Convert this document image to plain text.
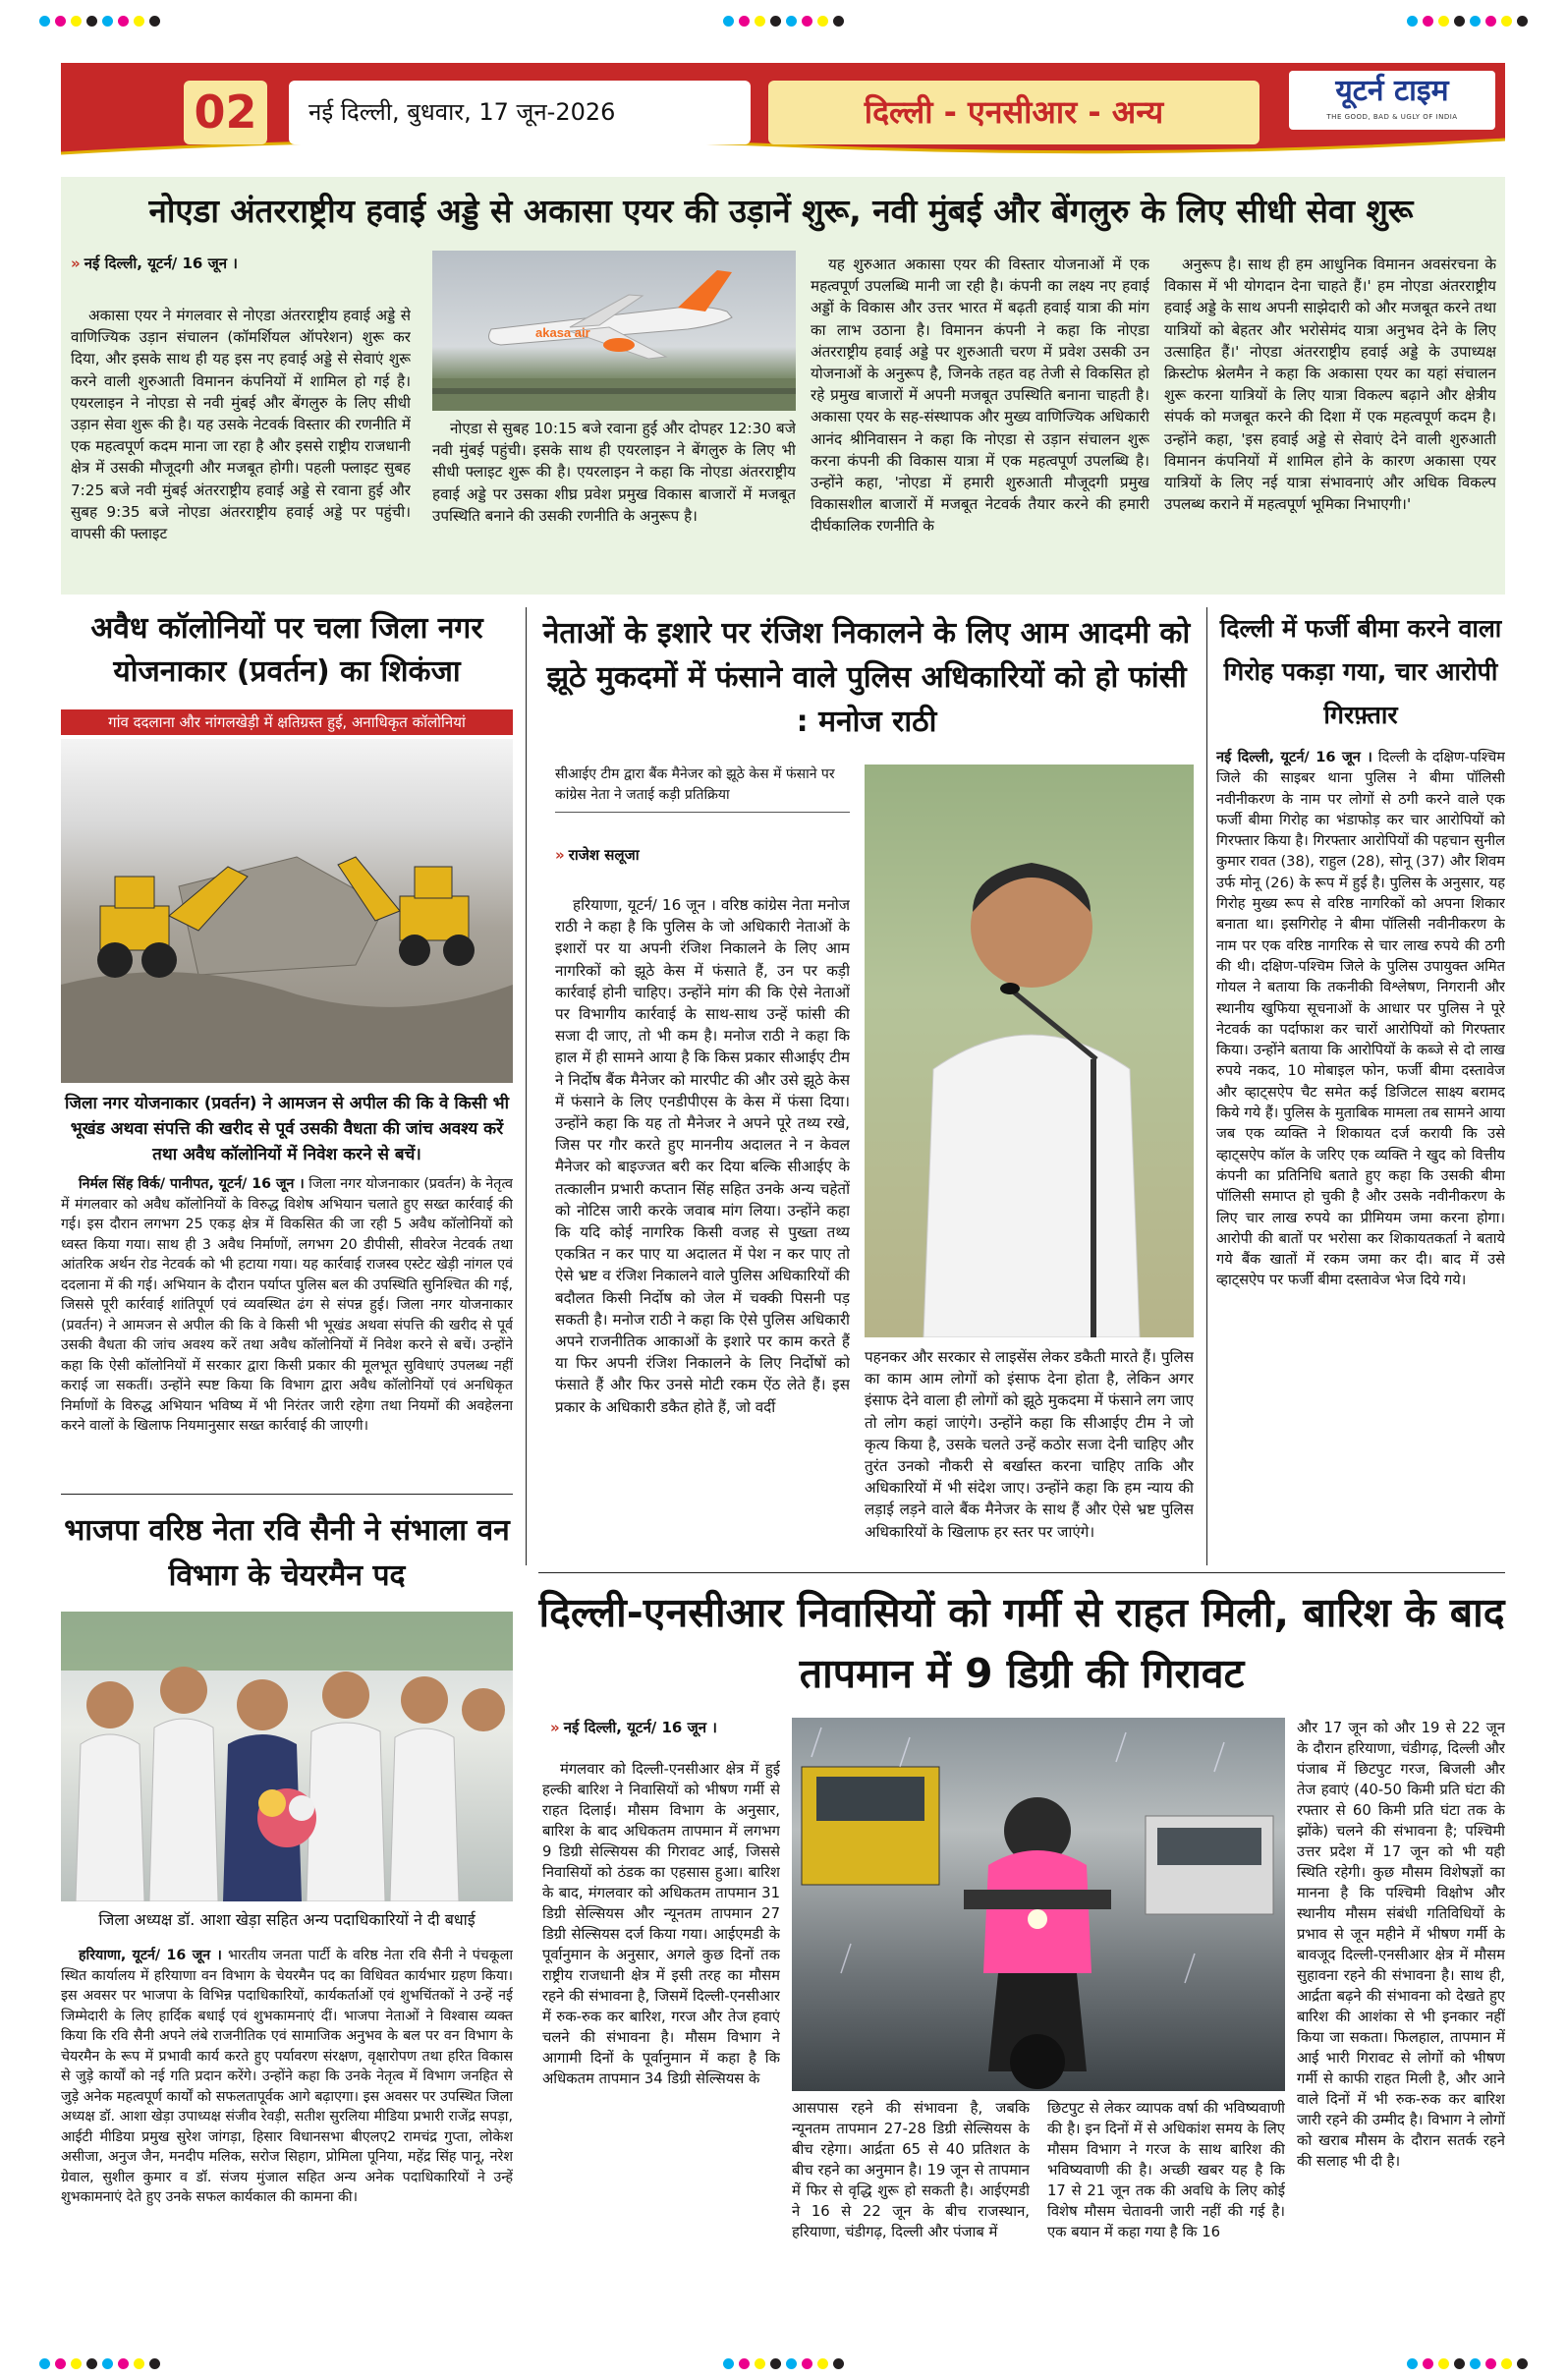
02	नई दिल्ली, बुधवार, 17 जून-2026	दिल्ली - एनसीआर - अन्य
यूटर्न टाइम
THE GOOD, BAD & UGLY OF INDIA
नोएडा अंतरराष्ट्रीय हवाई अड्डे से अकासा एयर की उड़ानें शुरू, नवी मुंबई और बेंगलुरु के लिए सीधी सेवा शुरू
» नई दिल्ली, यूटर्न/ 16 जून ।

अकासा एयर ने मंगलवार से नोएडा अंतरराष्ट्रीय हवाई अड्डे से वाणिज्यिक उड़ान संचालन (कॉमर्शियल ऑपरेशन) शुरू कर दिया, और इसके साथ ही यह इस नए हवाई अड्डे से सेवाएं शुरू करने वाली शुरुआती विमानन कंपनियों में शामिल हो गई है। एयरलाइन ने नोएडा से नवी मुंबई और बेंगलुरु के लिए सीधी उड़ान सेवा शुरू की है। यह उसके नेटवर्क विस्तार की रणनीति में एक महत्वपूर्ण कदम माना जा रहा है और इससे राष्ट्रीय राजधानी क्षेत्र में उसकी मौजूदगी और मजबूत होगी। पहली फ्लाइट सुबह 7:25 बजे नवी मुंबई अंतरराष्ट्रीय हवाई अड्डे से रवाना हुई और सुबह 9:35 बजे नोएडा अंतरराष्ट्रीय हवाई अड्डे पर पहुंची। वापसी की फ्लाइट

akasa air

नोएडा से सुबह 10:15 बजे रवाना हुई और दोपहर 12:30 बजे नवी मुंबई पहुंची। इसके साथ ही एयरलाइन ने बेंगलुरु के लिए भी सीधी फ्लाइट शुरू की है। एयरलाइन ने कहा कि नोएडा अंतरराष्ट्रीय हवाई अड्डे पर उसका शीघ्र प्रवेश प्रमुख विकास बाजारों में मजबूत उपस्थिति बनाने की उसकी रणनीति के अनुरूप है।

यह शुरुआत अकासा एयर की विस्तार योजनाओं में एक महत्वपूर्ण उपलब्धि मानी जा रही है। कंपनी का लक्ष्य नए हवाई अड्डों के विकास और उत्तर भारत में बढ़ती हवाई यात्रा की मांग का लाभ उठाना है। विमानन कंपनी ने कहा कि नोएडा अंतरराष्ट्रीय हवाई अड्डे पर शुरुआती चरण में प्रवेश उसकी उन योजनाओं के अनुरूप है, जिनके तहत वह तेजी से विकसित हो रहे प्रमुख बाजारों में अपनी मजबूत उपस्थिति बनाना चाहती है। अकासा एयर के सह-संस्थापक और मुख्य वाणिज्यिक अधिकारी आनंद श्रीनिवासन ने कहा कि नोएडा से उड़ान संचालन शुरू करना कंपनी की विकास यात्रा में एक महत्वपूर्ण उपलब्धि है। उन्होंने कहा, 'नोएडा में हमारी शुरुआती मौजूदगी प्रमुख विकासशील बाजारों में मजबूत नेटवर्क तैयार करने की हमारी दीर्घकालिक रणनीति के

अनुरूप है। साथ ही हम आधुनिक विमानन अवसंरचना के विकास में भी योगदान देना चाहते हैं।' हम नोएडा अंतरराष्ट्रीय हवाई अड्डे के साथ अपनी साझेदारी को और मजबूत करने तथा यात्रियों को बेहतर और भरोसेमंद यात्रा अनुभव देने के लिए उत्साहित हैं।' नोएडा अंतरराष्ट्रीय हवाई अड्डे के उपाध्यक्ष क्रिस्टोफ श्नेलमैन ने कहा कि अकासा एयर का यहां संचालन शुरू करना यात्रियों के लिए यात्रा विकल्प बढ़ाने और क्षेत्रीय संपर्क को मजबूत करने की दिशा में एक महत्वपूर्ण कदम है। उन्होंने कहा, 'इस हवाई अड्डे से सेवाएं देने वाली शुरुआती विमानन कंपनियों में शामिल होने के कारण अकासा एयर यात्रियों के लिए नई यात्रा संभावनाएं और अधिक विकल्प उपलब्ध कराने में महत्वपूर्ण भूमिका निभाएगी।'

अवैध कॉलोनियों पर चला जिला नगर योजनाकार (प्रवर्तन) का शिकंजा
गांव ददलाना और नांगलखेड़ी में क्षतिग्रस्त हुई, अनाधिकृत कॉलोनियां
जिला नगर योजनाकार (प्रवर्तन) ने आमजन से अपील की कि वे किसी भी भूखंड अथवा संपत्ति की खरीद से पूर्व उसकी वैधता की जांच अवश्य करें तथा अवैध कॉलोनियों में निवेश करने से बचें।

निर्मल सिंह विर्क/ पानीपत, यूटर्न/ 16 जून । जिला नगर योजनाकार (प्रवर्तन) के नेतृत्व में मंगलवार को अवैध कॉलोनियों के विरुद्ध विशेष अभियान चलाते हुए सख्त कार्रवाई की गई। इस दौरान लगभग 25 एकड़ क्षेत्र में विकसित की जा रही 5 अवैध कॉलोनियों को ध्वस्त किया गया। साथ ही 3 अवैध निर्माणों, लगभग 20 डीपीसी, सीवरेज नेटवर्क तथा आंतरिक अर्थन रोड नेटवर्क को भी हटाया गया। यह कार्रवाई राजस्व एस्टेट खेड़ी नांगल एवं ददलाना में की गई। अभियान के दौरान पर्याप्त पुलिस बल की उपस्थिति सुनिश्चित की गई, जिससे पूरी कार्रवाई शांतिपूर्ण एवं व्यवस्थित ढंग से संपन्न हुई। जिला नगर योजनाकार (प्रवर्तन) ने आमजन से अपील की कि वे किसी भी भूखंड अथवा संपत्ति की खरीद से पूर्व उसकी वैधता की जांच अवश्य करें तथा अवैध कॉलोनियों में निवेश करने से बचें। उन्होंने कहा कि ऐसी कॉलोनियों में सरकार द्वारा किसी प्रकार की मूलभूत सुविधाएं उपलब्ध नहीं कराई जा सकतीं। उन्होंने स्पष्ट किया कि विभाग द्वारा अवैध कॉलोनियों एवं अनधिकृत निर्माणों के विरुद्ध अभियान भविष्य में भी निरंतर जारी रहेगा तथा नियमों की अवहेलना करने वालों के खिलाफ नियमानुसार सख्त कार्रवाई की जाएगी।

नेताओं के इशारे पर रंजिश निकालने के लिए आम आदमी को झूठे मुकदमों में फंसाने वाले पुलिस अधिकारियों को हो फांसी : मनोज राठी
सीआईए टीम द्वारा बैंक मैनेजर को झूठे केस में फंसाने पर कांग्रेस नेता ने जताई कड़ी प्रतिक्रिया
» राजेश सलूजा

हरियाणा, यूटर्न/ 16 जून । वरिष्ठ कांग्रेस नेता मनोज राठी ने कहा है कि पुलिस के जो अधिकारी नेताओं के इशारों पर या अपनी रंजिश निकालने के लिए आम नागरिकों को झूठे केस में फंसाते हैं, उन पर कड़ी कार्रवाई होनी चाहिए। उन्होंने मांग की कि ऐसे नेताओं पर विभागीय कार्रवाई के साथ-साथ उन्हें फांसी की सजा दी जाए, तो भी कम है। मनोज राठी ने कहा कि हाल में ही सामने आया है कि किस प्रकार सीआईए टीम ने निर्दोष बैंक मैनेजर को मारपीट की और उसे झूठे केस में फंसाने के लिए एनडीपीएस के केस में फंसा दिया। उन्होंने कहा कि यह तो मैनेजर ने अपने पूरे तथ्य रखे, जिस पर गौर करते हुए माननीय अदालत ने न केवल मैनेजर को बाइज्जत बरी कर दिया बल्कि सीआईए के तत्कालीन प्रभारी कप्तान सिंह सहित उनके अन्य चहेतों को नोटिस जारी करके जवाब मांग लिया। उन्होंने कहा कि यदि कोई नागरिक किसी वजह से पुख्ता तथ्य एकत्रित न कर पाए या अदालत में पेश न कर पाए तो ऐसे भ्रष्ट व रंजिश निकालने वाले पुलिस अधिकारियों की बदौलत किसी निर्दोष को जेल में चक्की पिसनी पड़ सकती है। मनोज राठी ने कहा कि ऐसे पुलिस अधिकारी अपने राजनीतिक आकाओं के इशारे पर काम करते हैं या फिर अपनी रंजिश निकालने के लिए निर्दोषों को फंसाते हैं और फिर उनसे मोटी रकम ऐंठ लेते हैं। इस प्रकार के अधिकारी डकैत होते हैं, जो वर्दी

पहनकर और सरकार से लाइसेंस लेकर डकैती मारते हैं। पुलिस का काम आम लोगों को इंसाफ देना होता है, लेकिन अगर इंसाफ देने वाला ही लोगों को झूठे मुकदमा में फंसाने लग जाए तो लोग कहां जाएंगे। उन्होंने कहा कि सीआईए टीम ने जो कृत्य किया है, उसके चलते उन्हें कठोर सजा देनी चाहिए और तुरंत उनको नौकरी से बर्खास्त करना चाहिए ताकि और अधिकारियों में भी संदेश जाए। उन्होंने कहा कि हम न्याय की लड़ाई लड़ने वाले बैंक मैनेजर के साथ हैं और ऐसे भ्रष्ट पुलिस अधिकारियों के खिलाफ हर स्तर पर जाएंगे।

दिल्ली में फर्जी बीमा करने वाला गिरोह पकड़ा गया, चार आरोपी गिरफ़्तार

नई दिल्ली, यूटर्न/ 16 जून । दिल्ली के दक्षिण-पश्चिम जिले की साइबर थाना पुलिस ने बीमा पॉलिसी नवीनीकरण के नाम पर लोगों से ठगी करने वाले एक फर्जी बीमा गिरोह का भंडाफोड़ कर चार आरोपियों को गिरफ्तार किया है। गिरफ्तार आरोपियों की पहचान सुनील कुमार रावत (38), राहुल (28), सोनू (37) और शिवम उर्फ मोनू (26) के रूप में हुई है। पुलिस के अनुसार, यह गिरोह मुख्य रूप से वरिष्ठ नागरिकों को अपना शिकार बनाता था। इसगिरोह ने बीमा पॉलिसी नवीनीकरण के नाम पर एक वरिष्ठ नागरिक से चार लाख रुपये की ठगी की थी। दक्षिण-पश्चिम जिले के पुलिस उपायुक्त अमित गोयल ने बताया कि तकनीकी विश्लेषण, निगरानी और स्थानीय खुफिया सूचनाओं के आधार पर पुलिस ने पूरे नेटवर्क का पर्दाफाश कर चारों आरोपियों को गिरफ्तार किया। उन्होंने बताया कि आरोपियों के कब्जे से दो लाख रुपये नकद, 10 मोबाइल फोन, फर्जी बीमा दस्तावेज और व्हाट्सऐप चैट समेत कई डिजिटल साक्ष्य बरामद किये गये हैं। पुलिस के मुताबिक मामला तब सामने आया जब एक व्यक्ति ने शिकायत दर्ज करायी कि उसे व्हाट्सऐप कॉल के जरिए एक व्यक्ति ने खुद को वित्तीय कंपनी का प्रतिनिधि बताते हुए कहा कि उसकी बीमा पॉलिसी समाप्त हो चुकी है और उसके नवीनीकरण के लिए चार लाख रुपये का प्रीमियम जमा करना होगा। आरोपी की बातों पर भरोसा कर शिकायतकर्ता ने बताये गये बैंक खातों में रकम जमा कर दी। बाद में उसे व्हाट्सऐप पर फर्जी बीमा दस्तावेज भेज दिये गये।

भाजपा वरिष्ठ नेता रवि सैनी ने संभाला वन विभाग के चेयरमैन पद
जिला अध्यक्ष डॉ. आशा खेड़ा सहित अन्य पदाधिकारियों ने दी बधाई

हरियाणा, यूटर्न/ 16 जून । भारतीय जनता पार्टी के वरिष्ठ नेता रवि सैनी ने पंचकूला स्थित कार्यालय में हरियाणा वन विभाग के चेयरमैन पद का विधिवत कार्यभार ग्रहण किया। इस अवसर पर भाजपा के विभिन्न पदाधिकारियों, कार्यकर्ताओं एवं शुभचिंतकों ने उन्हें नई जिम्मेदारी के लिए हार्दिक बधाई एवं शुभकामनाएं दीं। भाजपा नेताओं ने विश्वास व्यक्त किया कि रवि सैनी अपने लंबे राजनीतिक एवं सामाजिक अनुभव के बल पर वन विभाग के चेयरमैन के रूप में प्रभावी कार्य करते हुए पर्यावरण संरक्षण, वृक्षारोपण तथा हरित विकास से जुड़े कार्यों को नई गति प्रदान करेंगे। उन्होंने कहा कि उनके नेतृत्व में विभाग जनहित से जुड़े अनेक महत्वपूर्ण कार्यों को सफलतापूर्वक आगे बढ़ाएगा। इस अवसर पर उपस्थित जिला अध्यक्ष डॉ. आशा खेड़ा उपाध्यक्ष संजीव रेवड़ी, सतीश सुरलिया मीडिया प्रभारी राजेंद्र सपड़ा, आईटी मीडिया प्रमुख सुरेश जांगड़ा, हिसार विधानसभा बीएलए2 रामचंद्र गुप्ता, लोकेश असीजा, अनुज जैन, मनदीप मलिक, सरोज सिहाग, प्रोमिला पूनिया, महेंद्र सिंह पानू, नरेश ग्रेवाल, सुशील कुमार व डॉ. संजय मुंजाल सहित अन्य अनेक पदाधिकारियों ने उन्हें शुभकामनाएं देते हुए उनके सफल कार्यकाल की कामना की।

दिल्ली-एनसीआर निवासियों को गर्मी से राहत मिली, बारिश के बाद तापमान में 9 डिग्री की गिरावट
» नई दिल्ली, यूटर्न/ 16 जून ।

मंगलवार को दिल्ली-एनसीआर क्षेत्र में हुई हल्की बारिश ने निवासियों को भीषण गर्मी से राहत दिलाई। मौसम विभाग के अनुसार, बारिश के बाद अधिकतम तापमान में लगभग 9 डिग्री सेल्सियस की गिरावट आई, जिससे निवासियों को ठंडक का एहसास हुआ। बारिश के बाद, मंगलवार को अधिकतम तापमान 31 डिग्री सेल्सियस और न्यूनतम तापमान 27 डिग्री सेल्सियस दर्ज किया गया। आईएमडी के पूर्वानुमान के अनुसार, अगले कुछ दिनों तक राष्ट्रीय राजधानी क्षेत्र में इसी तरह का मौसम रहने की संभावना है, जिसमें दिल्ली-एनसीआर में रुक-रुक कर बारिश, गरज और तेज हवाएं चलने की संभावना है। मौसम विभाग ने आगामी दिनों के पूर्वानुमान में कहा है कि अधिकतम तापमान 34 डिग्री सेल्सियस के

आसपास रहने की संभावना है, जबकि न्यूनतम तापमान 27-28 डिग्री सेल्सियस के बीच रहेगा। आर्द्रता 65 से 40 प्रतिशत के बीच रहने का अनुमान है। 19 जून से तापमान में फिर से वृद्धि शुरू हो सकती है। आईएमडी ने 16 से 22 जून के बीच राजस्थान, हरियाणा, चंडीगढ़, दिल्ली और पंजाब में

छिटपुट से लेकर व्यापक वर्षा की भविष्यवाणी की है। इन दिनों में से अधिकांश समय के लिए मौसम विभाग ने गरज के साथ बारिश की भविष्यवाणी की है। अच्छी खबर यह है कि 17 से 21 जून तक की अवधि के लिए कोई विशेष मौसम चेतावनी जारी नहीं की गई है। एक बयान में कहा गया है कि 16

और 17 जून को और 19 से 22 जून के दौरान हरियाणा, चंडीगढ़, दिल्ली और पंजाब में छिटपुट गरज, बिजली और तेज हवाएं (40-50 किमी प्रति घंटा की रफ्तार से 60 किमी प्रति घंटा तक के झोंके) चलने की संभावना है; पश्चिमी उत्तर प्रदेश में 17 जून को भी यही स्थिति रहेगी। कुछ मौसम विशेषज्ञों का मानना है कि पश्चिमी विक्षोभ और स्थानीय मौसम संबंधी गतिविधियों के प्रभाव से जून महीने में भीषण गर्मी के बावजूद दिल्ली-एनसीआर क्षेत्र में मौसम सुहावना रहने की संभावना है। साथ ही, आर्द्रता बढ़ने की संभावना को देखते हुए बारिश की आशंका से भी इनकार नहीं किया जा सकता। फिलहाल, तापमान में आई भारी गिरावट से लोगों को भीषण गर्मी से काफी राहत मिली है, और आने वाले दिनों में भी रुक-रुक कर बारिश जारी रहने की उम्मीद है। विभाग ने लोगों को खराब मौसम के दौरान सतर्क रहने की सलाह भी दी है।
